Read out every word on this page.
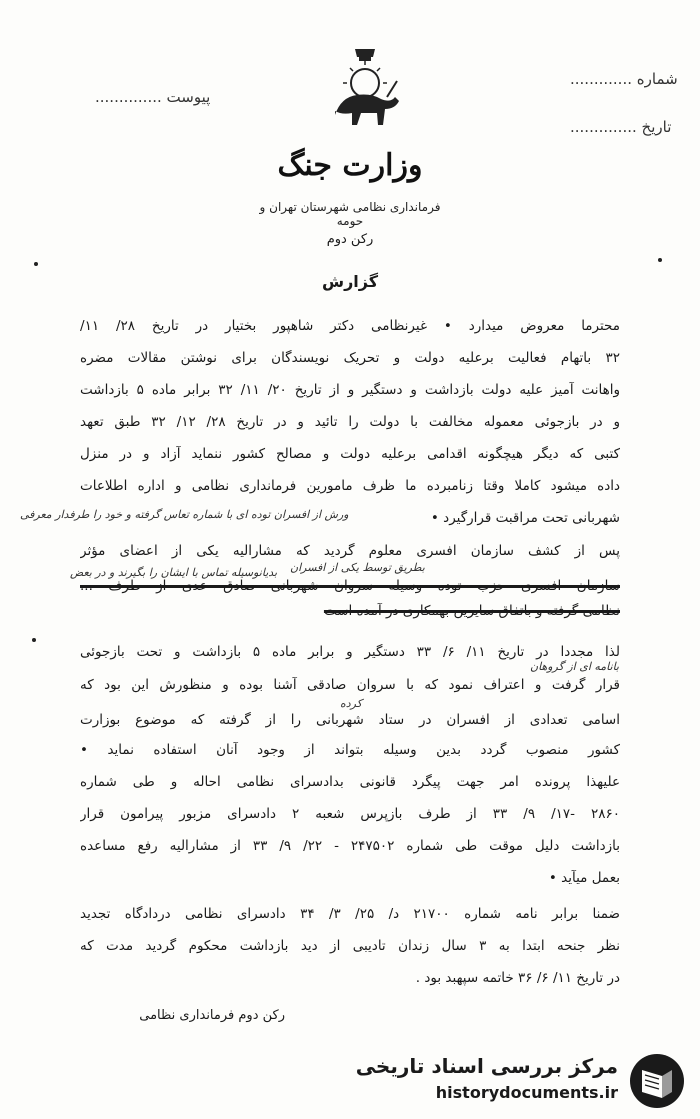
............. شماره
.............. تاریخ
.............. پیوست
وزارت جنگ
فرمانداری نظامی شهرستان تهران و حومه
رکن دوم
گزارش
محترما معروض میدارد • غیرنظامی دکتر شاهپور بختیار در تاریخ ۲۸/ ۱۱/
۳۲ باتهام فعالیت برعلیه دولت و تحریک نویسندگان برای نوشتن مقالات مضره
واهانت آمیز علیه دولت بازداشت و دستگیر و از تاریخ ۲۰/ ۱۱/ ۳۲ برابر ماده ۵ بازداشت
و در بازجوئی معموله مخالفت با دولت را تائید و در تاریخ ۲۸/ ۱۲/ ۳۲ طبق تعهد
کتبی که دیگر هیچگونه اقدامی برعلیه دولت و مصالح کشور ننماید آزاد و در منزل
داده میشود کاملا وقتا زنامبرده ما ظرف مامورین فرمانداری نظامی و اداره اطلاعات
شهربانی تحت مراقبت قرارگیرد •
ورش از افسران توده ای با شماره تعاس گرفته و خود را طرفدار معرفی
پس از کشف سازمان افسری معلوم گردید که مشارالیه یکی از اعضای مؤثر
بطریق توسط یکی از افسران
سازمان افسری حزب توده وسیله سروان شهربانی صادق عدی از طرف ...
بدیانوسیله تماس با ایشان را بگیرند و در بعض
نظامی گرفته و باتفاق سایرین بهمکاری در آمده است
لذا مجددا در تاریخ ۱۱/ ۶/ ۳۳ دستگیر و برابر ماده ۵ بازداشت و تحت بازجوئی
بانامه ای از گروهان
قرار گرفت و اعتراف نمود که با سروان صادقی آشنا بوده و منظورش این بود که
کرده
اسامی تعدادی از افسران در ستاد شهربانی را از گرفته که موضوع بوزارت
کشور منصوب گردد بدین وسیله بتواند از وجود آنان استفاده نماید •
علیهذا پرونده امر جهت پیگرد قانونی بدادسرای نظامی احاله و طی شماره
۲۸۶۰ -۱۷/ ۹/ ۳۳ از طرف بازپرس شعبه ۲ دادسرای مزبور پیرامون قرار
بازداشت دلیل موقت طی شماره ۲۴۷۵۰۲ - ۲۲/ ۹/ ۳۳ از مشارالیه رفع مساعده
بعمل میآید •
ضمنا برابر نامه شماره ۲۱۷۰۰ د/ ۲۵/ ۳/ ۳۴ دادسرای نظامی دردادگاه تجدید
نظر جنحه ابتدا به ۳ سال زندان تادیبی از دید بازداشت محکوم گردید مدت که
در تاریخ ۱۱/ ۶/ ۳۶ خاتمه سپهبد بود .
رکن دوم فرمانداری نظامی
مرکز بررسی اسناد تاریخی
historydocuments.ir
